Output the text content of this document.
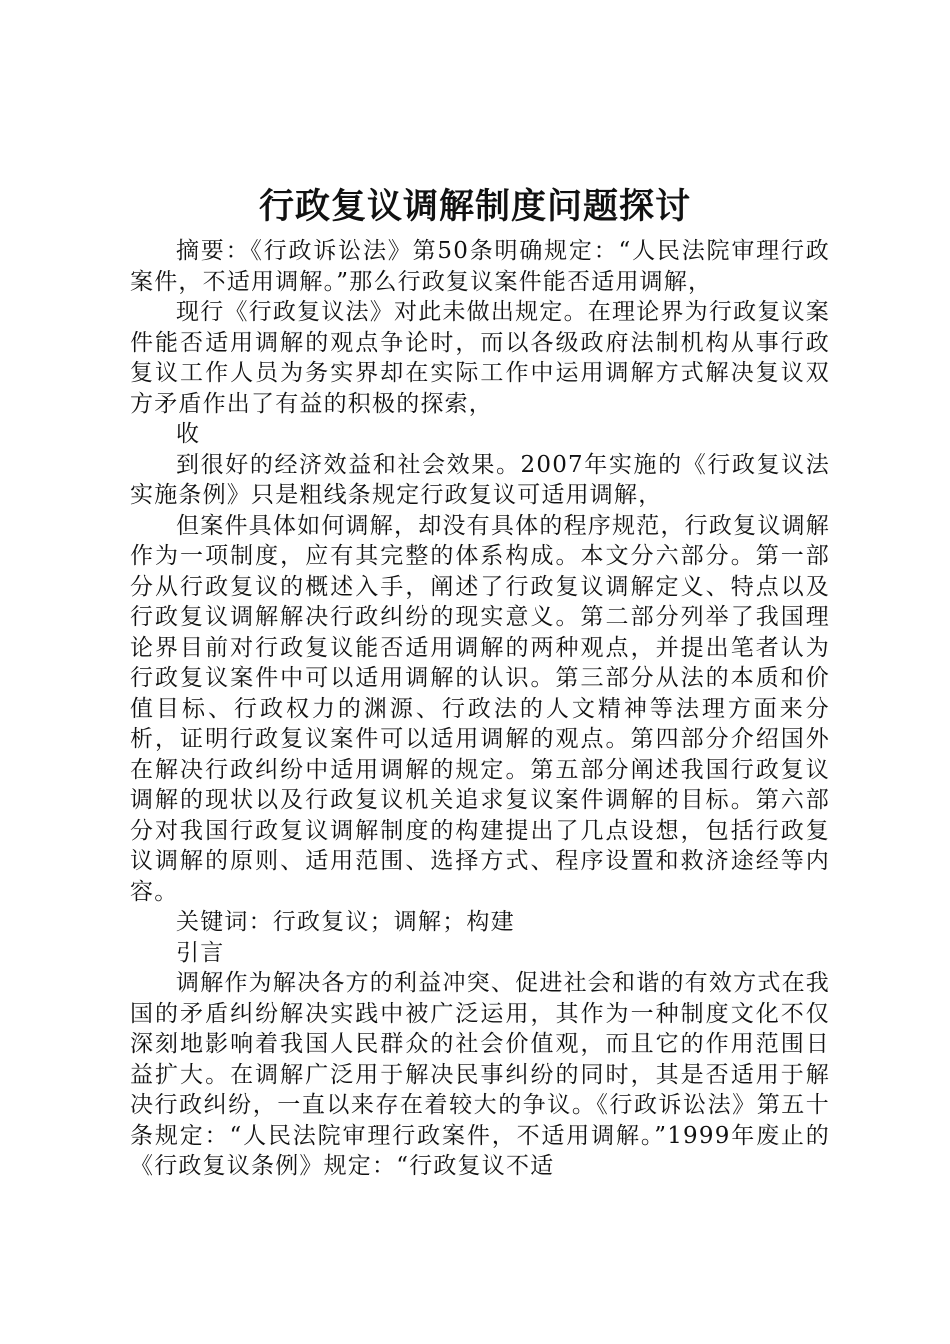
行政复议调解制度问题探讨

摘要：《行政诉讼法》第50条明确规定：“人民法院审理行政案件，不适用调解。”那么行政复议案件能否适用调解，

现行《行政复议法》对此未做出规定。在理论界为行政复议案件能否适用调解的观点争论时，而以各级政府法制机构从事行政复议工作人员为务实界却在实际工作中运用调解方式解决复议双方矛盾作出了有益的积极的探索，

收

到很好的经济效益和社会效果。2007年实施的《行政复议法实施条例》只是粗线条规定行政复议可适用调解，

但案件具体如何调解，却没有具体的程序规范，行政复议调解作为一项制度，应有其完整的体系构成。本文分六部分。第一部分从行政复议的概述入手，阐述了行政复议调解定义、特点以及行政复议调解解决行政纠纷的现实意义。第二部分列举了我国理论界目前对行政复议能否适用调解的两种观点，并提出笔者认为行政复议案件中可以适用调解的认识。第三部分从法的本质和价值目标、行政权力的渊源、行政法的人文精神等法理方面来分析，证明行政复议案件可以适用调解的观点。第四部分介绍国外在解决行政纠纷中适用调解的规定。第五部分阐述我国行政复议调解的现状以及行政复议机关追求复议案件调解的目标。第六部分对我国行政复议调解制度的构建提出了几点设想，包括行政复议调解的原则、适用范围、选择方式、程序设置和救济途经等内容。

关键词：行政复议；调解；构建

引言

调解作为解决各方的利益冲突、促进社会和谐的有效方式在我国的矛盾纠纷解决实践中被广泛运用，其作为一种制度文化不仅深刻地影响着我国人民群众的社会价值观，而且它的作用范围日益扩大。在调解广泛用于解决民事纠纷的同时，其是否适用于解决行政纠纷，一直以来存在着较大的争议。《行政诉讼法》第五十条规定：“人民法院审理行政案件，不适用调解。”1999年废止的《行政复议条例》规定：“行政复议不适
